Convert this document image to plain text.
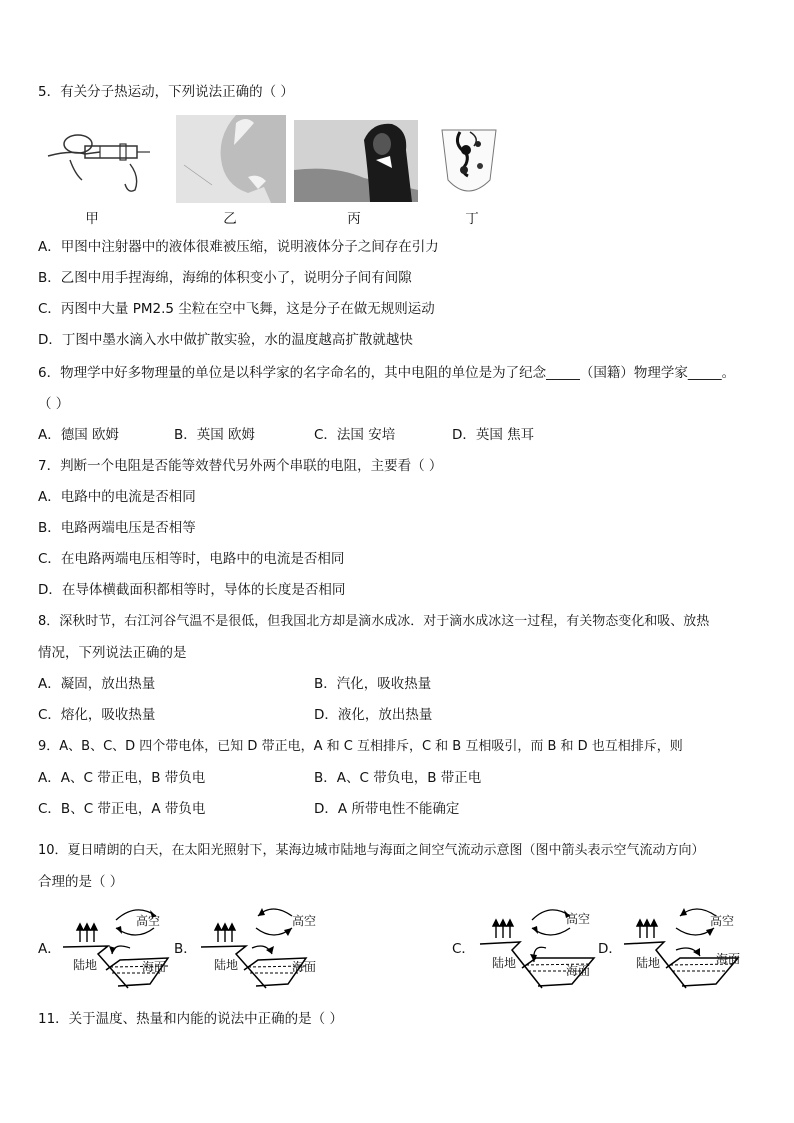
5．有关分子热运动，下列说法正确的（ ）
甲	乙	丙	丁
A．甲图中注射器中的液体很难被压缩，说明液体分子之间存在引力
B．乙图中用手捏海绵，海绵的体积变小了，说明分子间有间隙
C．丙图中大量 PM2.5 尘粒在空中飞舞，这是分子在做无规则运动
D．丁图中墨水滴入水中做扩散实验，水的温度越高扩散就越快
6．物理学中好多物理量的单位是以科学家的名字命名的，其中电阻的单位是为了纪念_____（国籍）物理学家_____。
（ ）
A．德国 欧姆	B．英国 欧姆	C．法国 安培	D．英国 焦耳
7．判断一个电阻是否能等效替代另外两个串联的电阻，主要看（ ）
A．电路中的电流是否相同
B．电路两端电压是否相等
C．在电路两端电压相等时，电路中的电流是否相同
D．在导体横截面积都相等时，导体的长度是否相同
8．深秋时节，右江河谷气温不是很低，但我国北方却是滴水成冰．对于滴水成冰这一过程，有关物态变化和吸、放热
情况，下列说法正确的是
A．凝固，放出热量	B．汽化，吸收热量
C．熔化，吸收热量	D．液化，放出热量
9．A、B、C、D 四个带电体，已知 D 带正电，A 和 C 互相排斥，C 和 B 互相吸引，而 B 和 D 也互相排斥，则
A．A、C 带正电，B 带负电	B．A、C 带负电，B 带正电
C．B、C 带正电，A 带负电	D．A 所带电性不能确定
10．夏日晴朗的白天，在太阳光照射下，某海边城市陆地与海面之间空气流动示意图（图中箭头表示空气流动方向）
合理的是（ ）
A．
高空
陆地	海面
B．
高空
陆地	海面
C．
高空
陆地
海面
D．
高空
陆地	海面
11．关于温度、热量和内能的说法中正确的是（ ）
